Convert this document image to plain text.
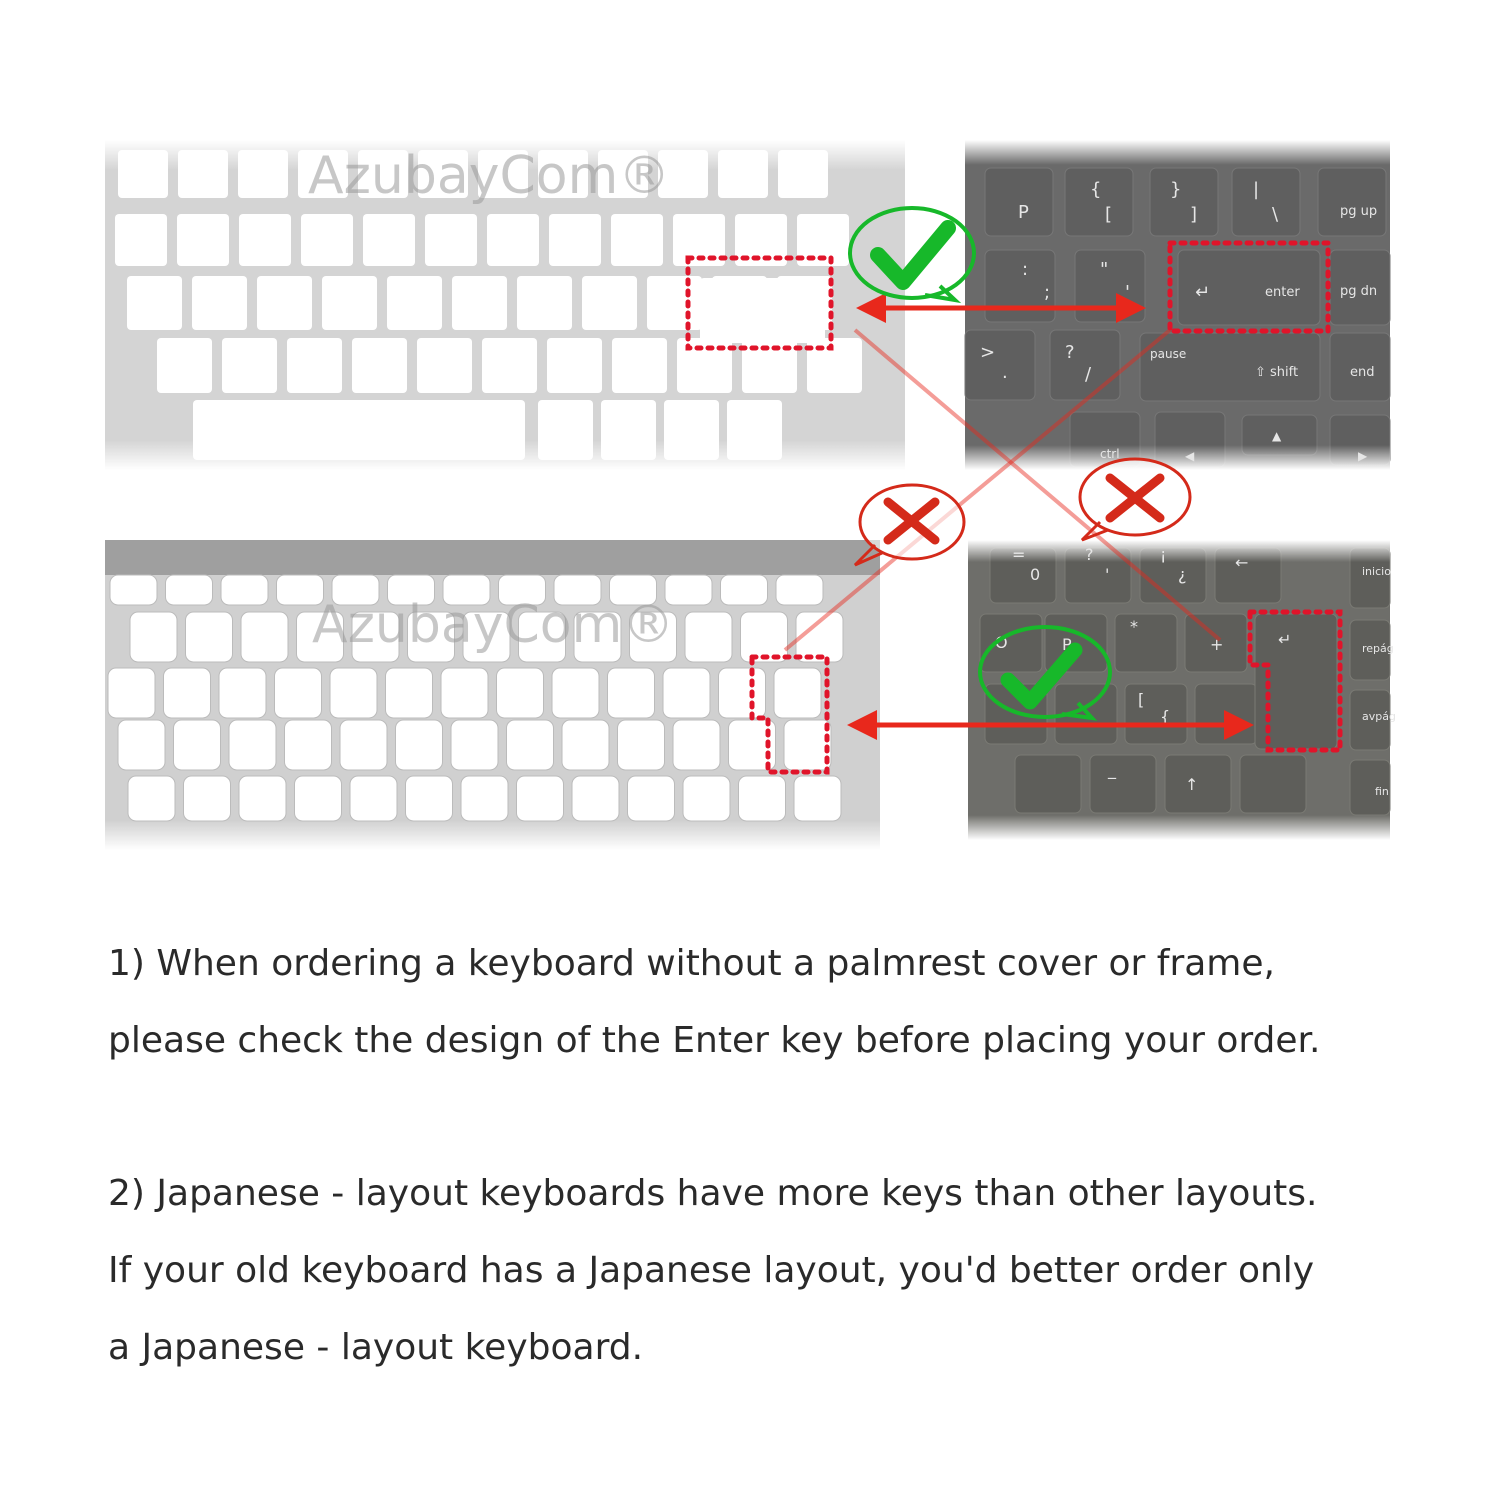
AzubayCom®
P
{
[
}
]
|
\	pg up
:
;
"
'	↵	enter	pg dn
>
.
?
/
pause
⇧ shift	end
ctrl
▲
◀	▶
AzubayCom®
=
0
?
'
¡
¿
←	inicio
O	P
*
+	↵	repág
[
{	avpág
_
↑	fin
1) When ordering a keyboard without a palmrest cover or frame,
please check the design of the Enter key before placing your order.
2) Japanese - layout keyboards have more keys than other layouts.
If your old keyboard has a Japanese layout, you'd better order only
a Japanese - layout keyboard.
